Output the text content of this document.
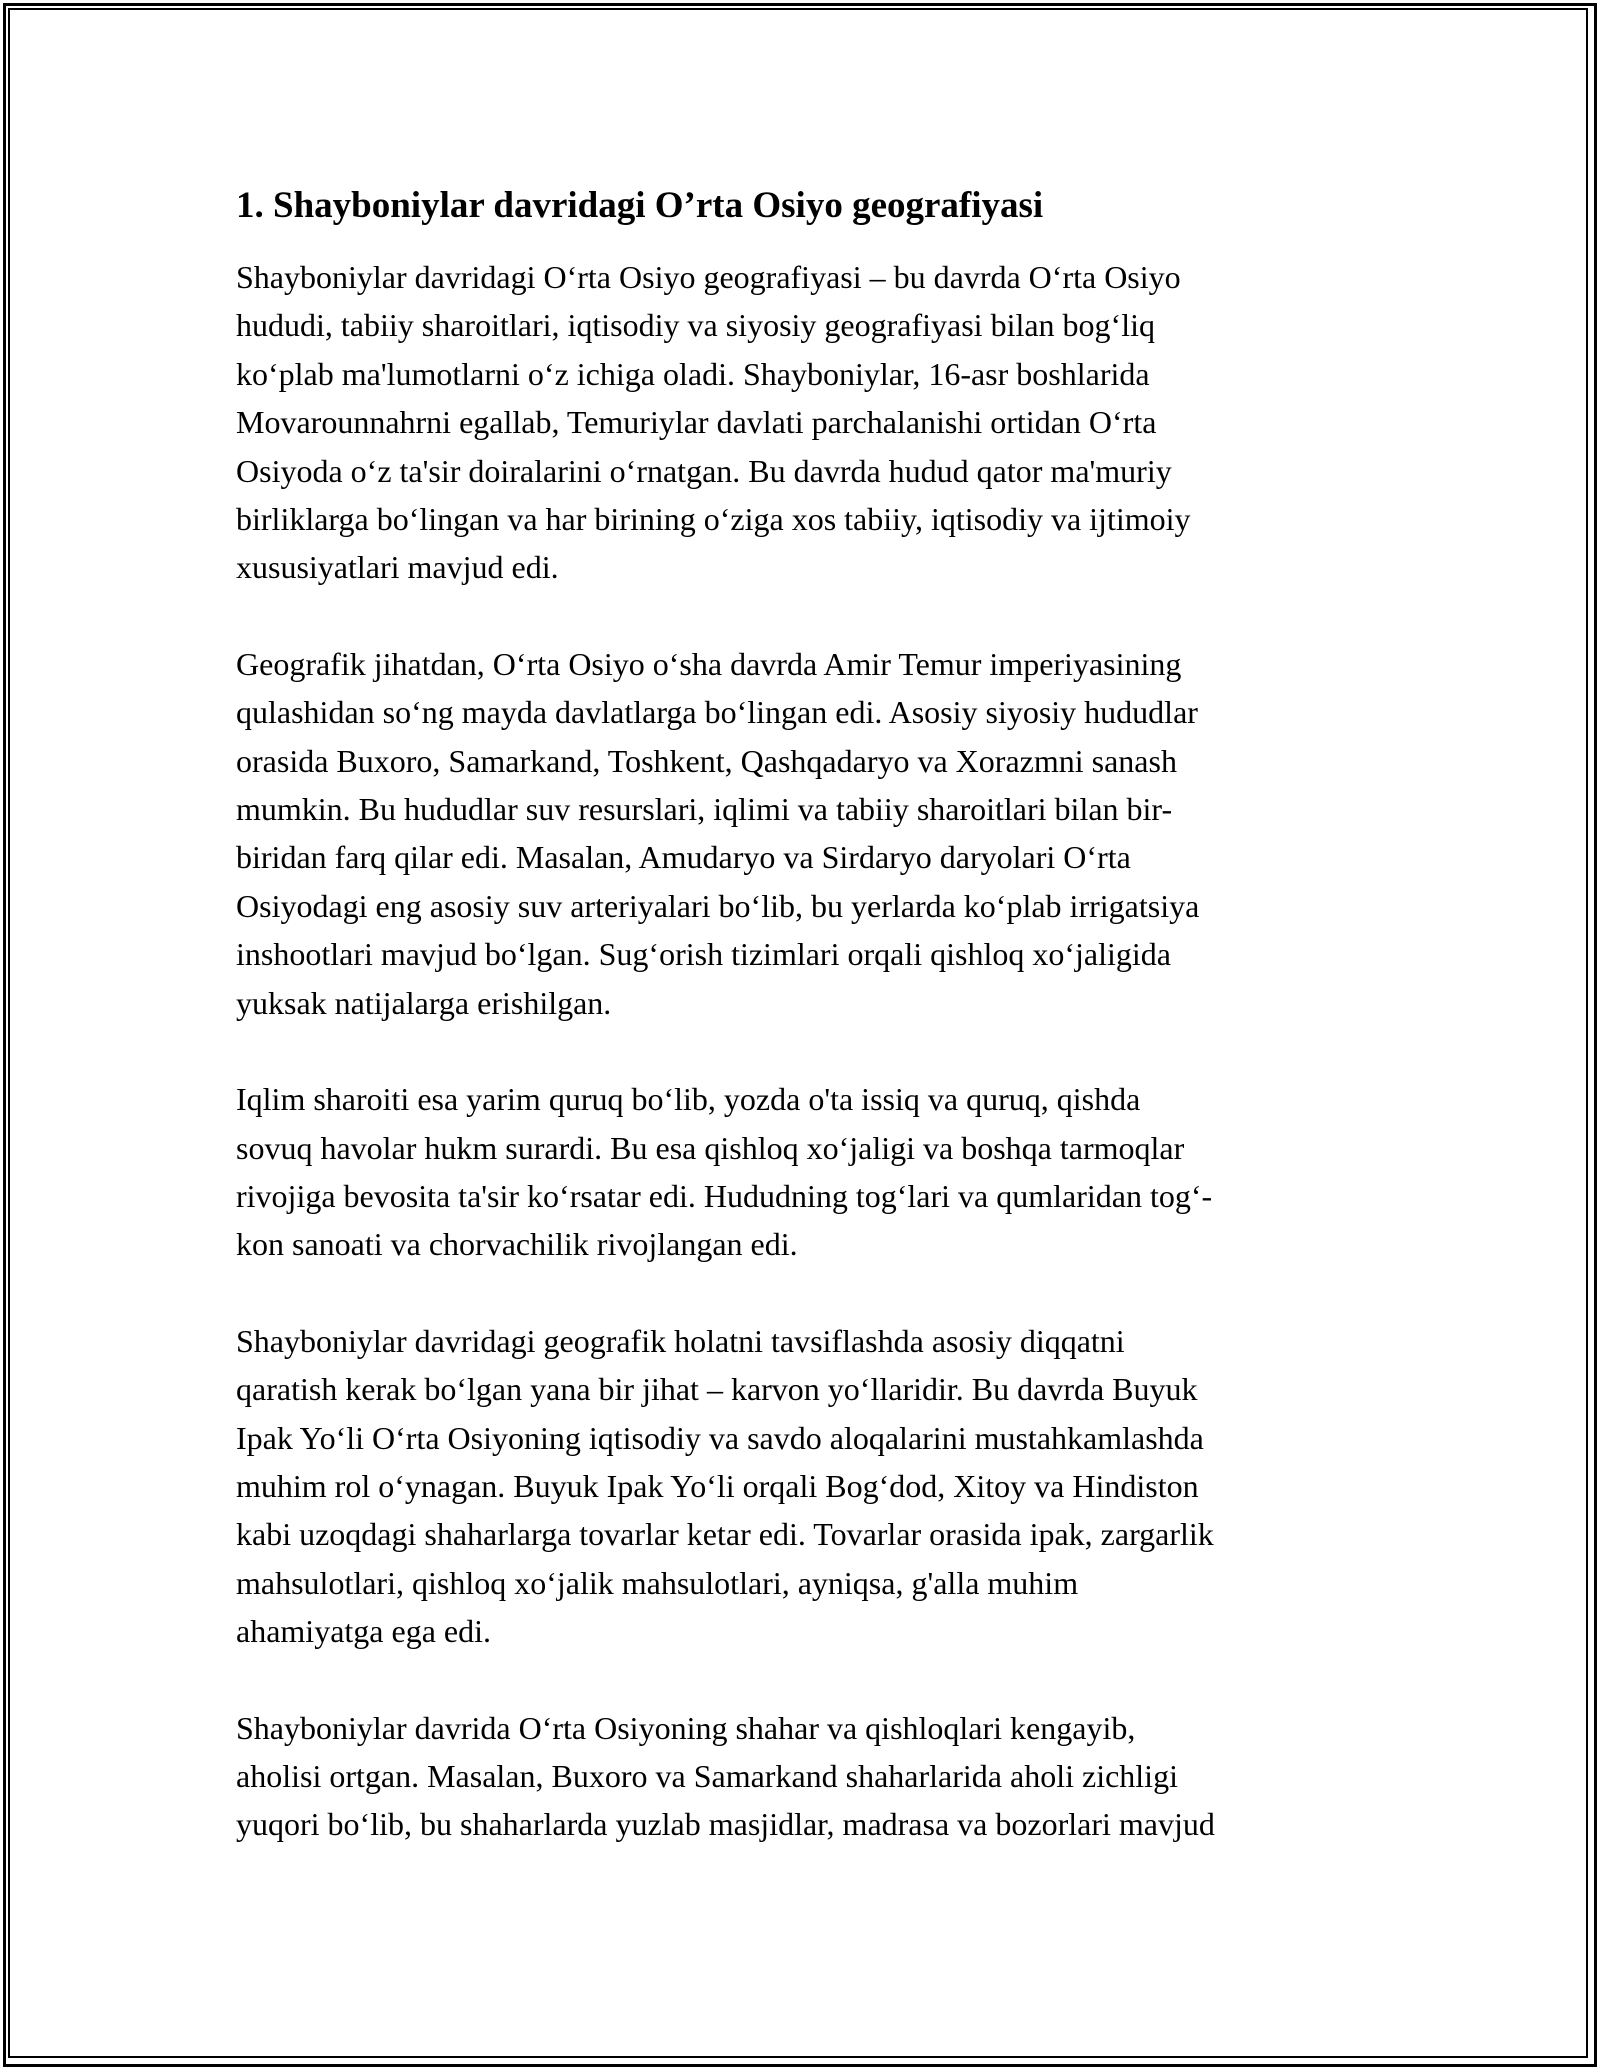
1. Shayboniylar davridagi O’rta Osiyo geografiyasi

Shayboniylar davridagi O‘rta Osiyo geografiyasi – bu davrda O‘rta Osiyo
hududi, tabiiy sharoitlari, iqtisodiy va siyosiy geografiyasi bilan bog‘liq
ko‘plab ma'lumotlarni o‘z ichiga oladi. Shayboniylar, 16-asr boshlarida
Movarounnahrni egallab, Temuriylar davlati parchalanishi ortidan O‘rta
Osiyoda o‘z ta'sir doiralarini o‘rnatgan. Bu davrda hudud qator ma'muriy
birliklarga bo‘lingan va har birining o‘ziga xos tabiiy, iqtisodiy va ijtimoiy
xususiyatlari mavjud edi.

Geografik jihatdan, O‘rta Osiyo o‘sha davrda Amir Temur imperiyasining
qulashidan so‘ng mayda davlatlarga bo‘lingan edi. Asosiy siyosiy hududlar
orasida Buxoro, Samarkand, Toshkent, Qashqadaryo va Xorazmni sanash
mumkin. Bu hududlar suv resurslari, iqlimi va tabiiy sharoitlari bilan bir-
biridan farq qilar edi. Masalan, Amudaryo va Sirdaryo daryolari O‘rta
Osiyodagi eng asosiy suv arteriyalari bo‘lib, bu yerlarda ko‘plab irrigatsiya
inshootlari mavjud bo‘lgan. Sug‘orish tizimlari orqali qishloq xo‘jaligida
yuksak natijalarga erishilgan.

Iqlim sharoiti esa yarim quruq bo‘lib, yozda o'ta issiq va quruq, qishda
sovuq havolar hukm surardi. Bu esa qishloq xo‘jaligi va boshqa tarmoqlar
rivojiga bevosita ta'sir ko‘rsatar edi. Hududning tog‘lari va qumlaridan tog‘-
kon sanoati va chorvachilik rivojlangan edi.

Shayboniylar davridagi geografik holatni tavsiflashda asosiy diqqatni
qaratish kerak bo‘lgan yana bir jihat – karvon yo‘llaridir. Bu davrda Buyuk
Ipak Yo‘li O‘rta Osiyoning iqtisodiy va savdo aloqalarini mustahkamlashda
muhim rol o‘ynagan. Buyuk Ipak Yo‘li orqali Bog‘dod, Xitoy va Hindiston
kabi uzoqdagi shaharlarga tovarlar ketar edi. Tovarlar orasida ipak, zargarlik
mahsulotlari, qishloq xo‘jalik mahsulotlari, ayniqsa, g'alla muhim
ahamiyatga ega edi.

Shayboniylar davrida O‘rta Osiyoning shahar va qishloqlari kengayib,
aholisi ortgan. Masalan, Buxoro va Samarkand shaharlarida aholi zichligi
yuqori bo‘lib, bu shaharlarda yuzlab masjidlar, madrasa va bozorlari mavjud
